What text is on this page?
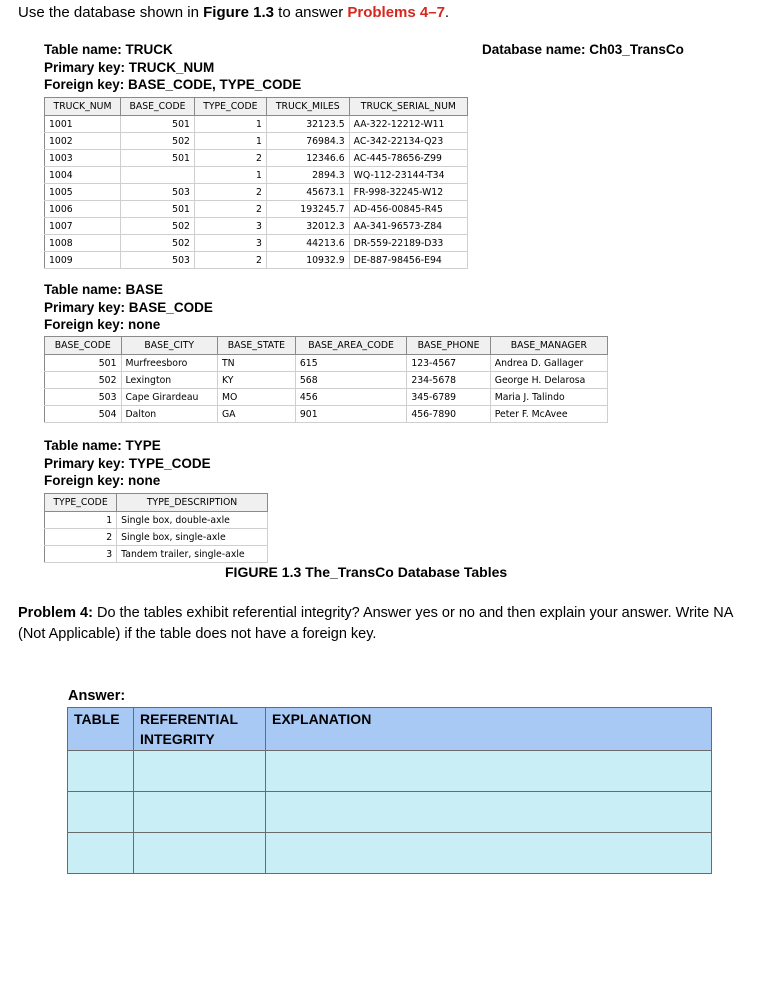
Use the database shown in Figure 1.3 to answer Problems 4–7.
Database name: Ch03_TransCo
Table name: TRUCK
Primary key: TRUCK_NUM
Foreign key: BASE_CODE, TYPE_CODE
TRUCK_NUM	BASE_CODE	TYPE_CODE	TRUCK_MILES	TRUCK_SERIAL_NUM
1001	501	1	32123.5	AA-322-12212-W11
1002	502	1	76984.3	AC-342-22134-Q23
1003	501	2	12346.6	AC-445-78656-Z99
1004		1	2894.3	WQ-112-23144-T34
1005	503	2	45673.1	FR-998-32245-W12
1006	501	2	193245.7	AD-456-00845-R45
1007	502	3	32012.3	AA-341-96573-Z84
1008	502	3	44213.6	DR-559-22189-D33
1009	503	2	10932.9	DE-887-98456-E94
Table name: BASE
Primary key: BASE_CODE
Foreign key: none
BASE_CODE	BASE_CITY	BASE_STATE	BASE_AREA_CODE	BASE_PHONE	BASE_MANAGER
501	Murfreesboro	TN	615	123-4567	Andrea D. Gallager
502	Lexington	KY	568	234-5678	George H. Delarosa
503	Cape Girardeau	MO	456	345-6789	Maria J. Talindo
504	Dalton	GA	901	456-7890	Peter F. McAvee
Table name: TYPE
Primary key: TYPE_CODE
Foreign key: none
TYPE_CODE	TYPE_DESCRIPTION
1	Single box, double-axle
2	Single box, single-axle
3	Tandem trailer, single-axle
FIGURE 1.3 The_TransCo Database Tables
Problem 4: Do the tables exhibit referential integrity? Answer yes or no and then explain your answer. Write NA (Not Applicable) if the table does not have a foreign key.
Answer:
TABLE	REFERENTIAL INTEGRITY	EXPLANATION
